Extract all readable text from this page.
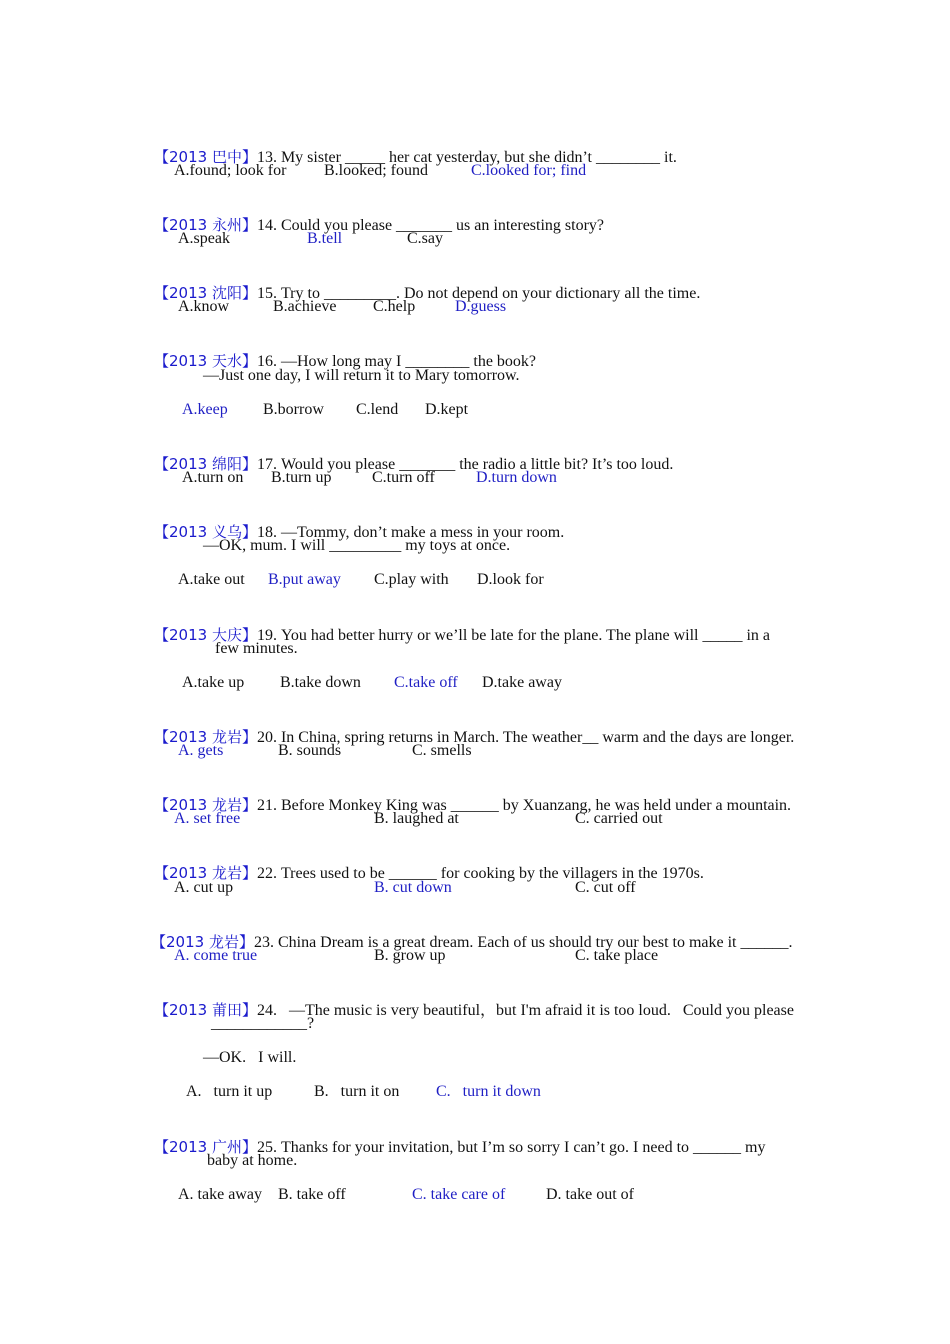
【2013 巴中】13. My sister _____ her cat yesterday, but she didn’t ________ it.

A.found; look for B.looked; found	C.looked for; find

【2013 永州】14. Could you please _______ us an interesting story?

A.speak	B.tell	C.say

【2013 沈阳】15. Try to _________. Do not depend on your dictionary all the time.

A.know	B.achieve C.help D.guess

【2013 天水】16. —How long may I ________ the book?

—Just one day, I will return it to Mary tomorrow.
A.keep B.borrow C.lend D.kept

【2013 绵阳】17. Would you please _______ the radio a little bit? It’s too loud.

A.turn on B.turn up	C.turn off	D.turn down

【2013 义乌】18. —Tommy, don’t make a mess in your room.

—OK, mum. I will _________ my toys at once.
A.take out B.put away C.play with D.look for

【2013 大庆】19. You had better hurry or we’ll be late for the plane. The plane will _____ in a

few minutes.
A.take up B.take down C.take off D.take away

【2013 龙岩】20. In China, spring returns in March. The weather__ warm and the days are longer.

A. gets	B. sounds	C. smells

【2013 龙岩】21. Before Monkey King was ______ by Xuanzang, he was held under a mountain.

A. set free	B. laughed at	C. carried out

【2013 龙岩】22. Trees used to be ______ for cooking by the villagers in the 1970s.

A. cut up	B. cut down	C. cut off

【2013 龙岩】23. China Dream is a great dream. Each of us should try our best to make it ______.

A. come true	B. grow up	C. take place

【2013 莆田】24.   —The music is very beautiful，but I'm afraid it is too loud.   Could you please

____________?
—OK.   I will.
A.   turn it up	B.   turn it on C.   turn it down

【2013 广州】25. Thanks for your invitation, but I’m so sorry I can’t go. I need to ______ my

baby at home.
A. take away B. take off	C. take care of	D. take out of
